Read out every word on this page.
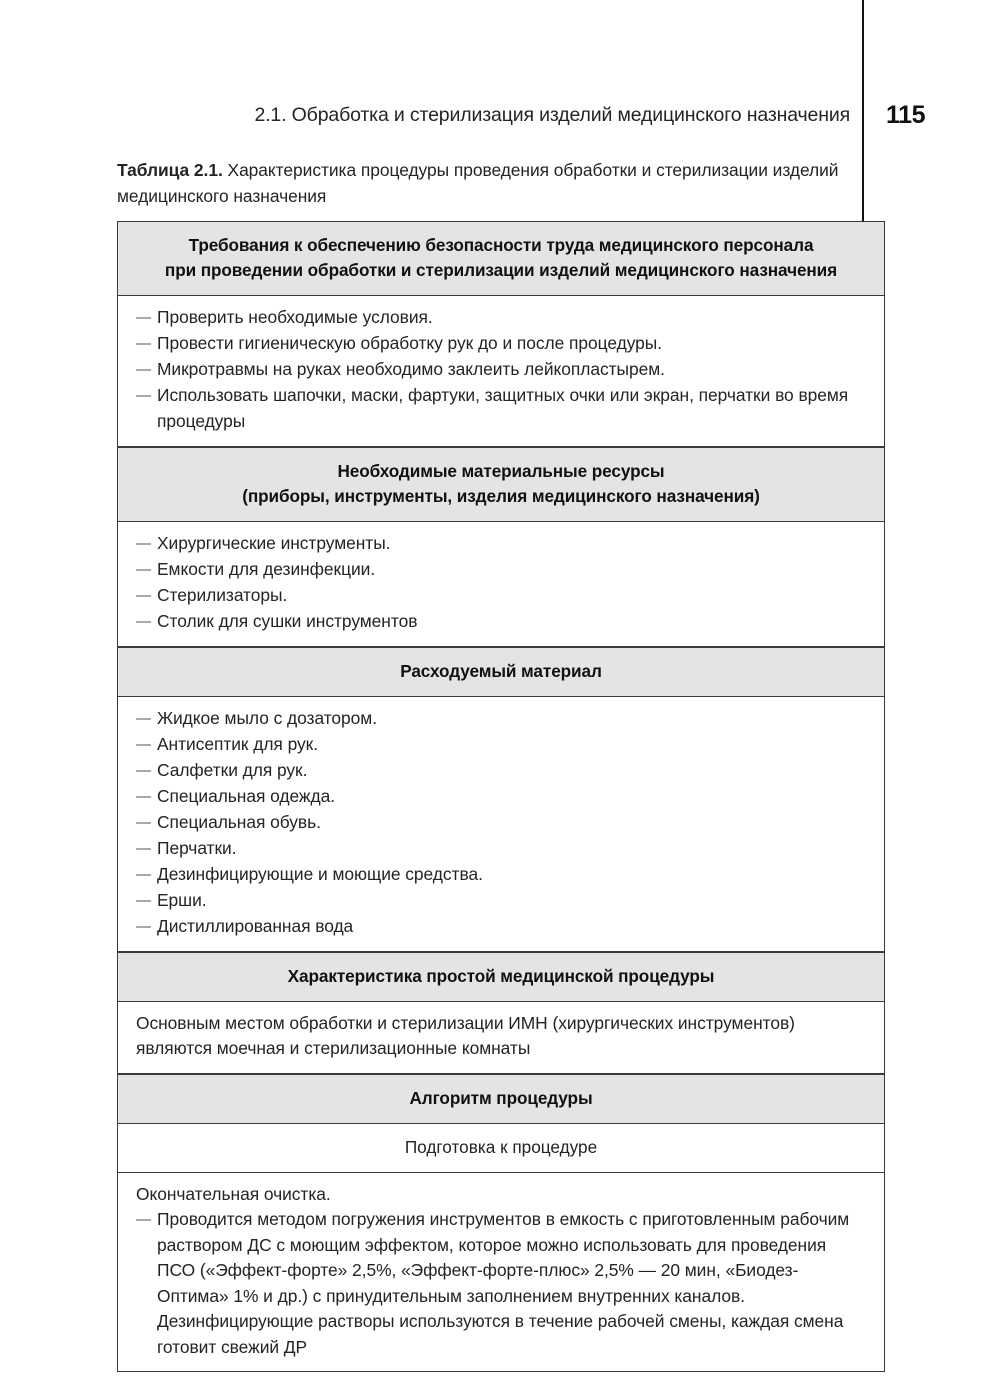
2.1. Обработка и стерилизация изделий медицинского назначения 115
Таблица 2.1. Характеристика процедуры проведения обработки и стерилизации изделий медицинского назначения
Требования к обеспечению безопасности труда медицинского персонала
при проведении обработки и стерилизации изделий медицинского назначения
— Проверить необходимые условия.
— Провести гигиеническую обработку рук до и после процедуры.
— Микротравмы на руках необходимо заклеить лейкопластырем.
— Использовать шапочки, маски, фартуки, защитных очки или экран, перчатки во время процедуры
Необходимые материальные ресурсы
(приборы, инструменты, изделия медицинского назначения)
— Хирургические инструменты.
— Емкости для дезинфекции.
— Стерилизаторы.
— Столик для сушки инструментов
Расходуемый материал
— Жидкое мыло с дозатором.
— Антисептик для рук.
— Салфетки для рук.
— Специальная одежда.
— Специальная обувь.
— Перчатки.
— Дезинфицирующие и моющие средства.
— Ерши.
— Дистиллированная вода
Характеристика простой медицинской процедуры

Основным местом обработки и стерилизации ИМН (хирургических инструментов) являются моечная и стерилизационные комнаты

Алгоритм процедуры
Подготовка к процедуре

Окончательная очистка.

— Проводится методом погружения инструментов в емкость с приготовленным рабочим раствором ДС с моющим эффектом, которое можно использовать для проведения ПСО («Эффект-форте» 2,5%, «Эффект-форте-плюс» 2,5% — 20 мин, «Биодез-Оптима» 1% и др.) с принудительным заполнением внутренних каналов. Дезинфицирующие растворы используются в течение рабочей смены, каждая смена готовит свежий ДР
